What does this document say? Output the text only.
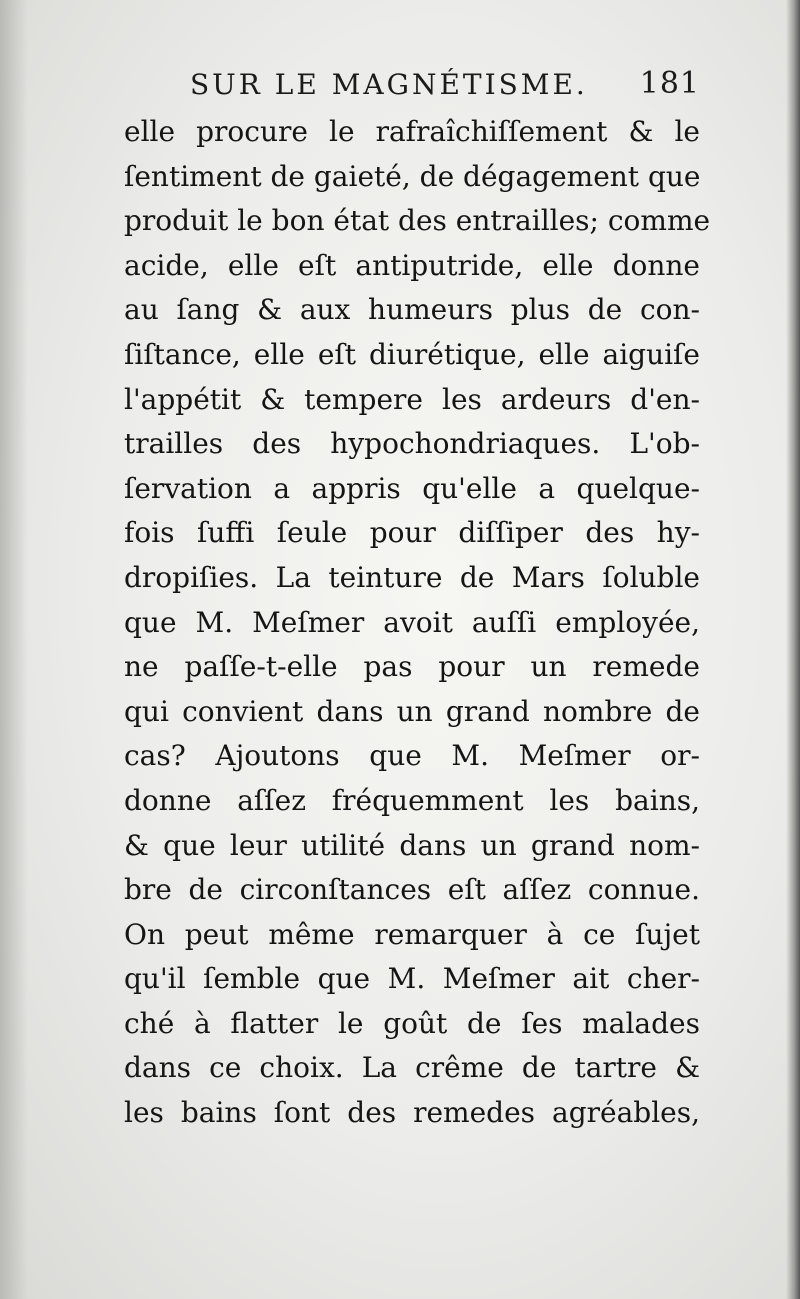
SUR LE MAGNÉTISME. 181
elle procure le rafraîchiſſement & le
ſentiment de gaieté, de dégagement que
produit le bon état des entrailles; comme
acide, elle eſt antiputride, elle donne
au ſang & aux humeurs plus de con-
ſiſtance, elle eſt diurétique, elle aiguiſe
l'appétit & tempere les ardeurs d'en-
trailles des hypochondriaques. L'ob-
ſervation a appris qu'elle a quelque-
fois ſuffi ſeule pour diſſiper des hy-
dropiſies. La teinture de Mars ſoluble
que M. Meſmer avoit auſſi employée,
ne paſſe-t-elle pas pour un remede
qui convient dans un grand nombre de
cas? Ajoutons que M. Meſmer or-
donne aſſez fréquemment les bains,
& que leur utilité dans un grand nom-
bre de circonſtances eſt aſſez connue.
On peut même remarquer à ce ſujet
qu'il ſemble que M. Meſmer ait cher-
ché à flatter le goût de ſes malades
dans ce choix. La crême de tartre &
les bains ſont des remedes agréables,
